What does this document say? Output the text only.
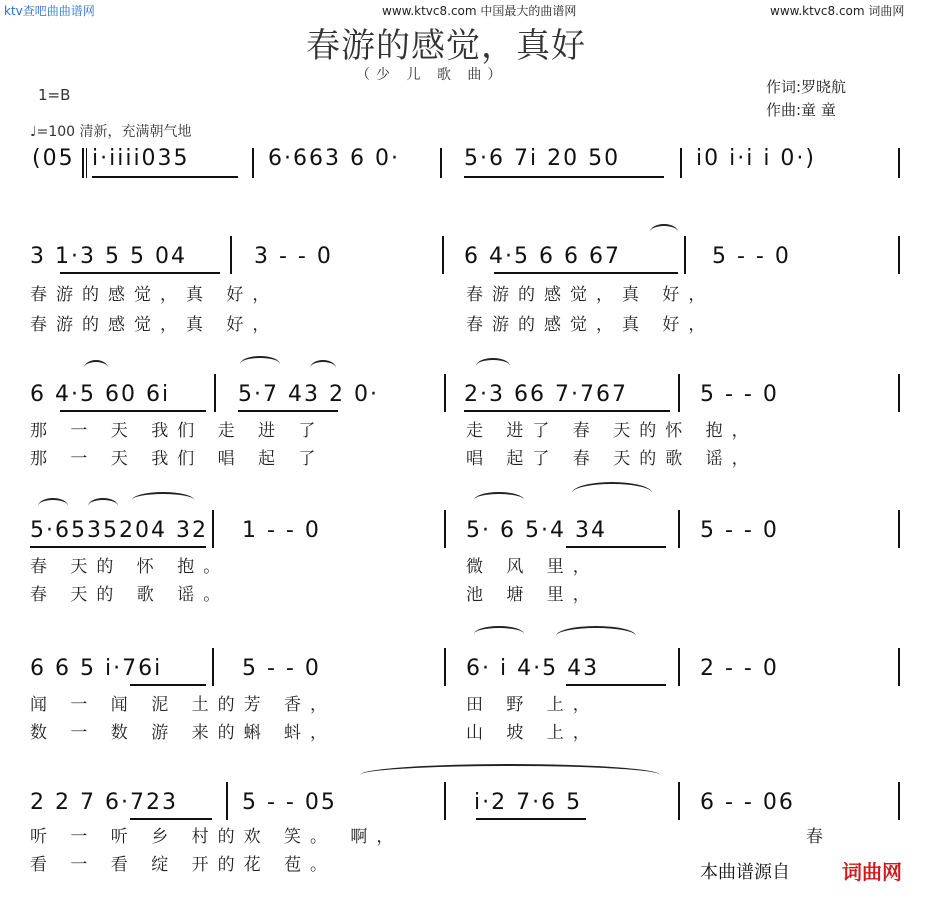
ktv查吧曲曲谱网	www.ktvc8.com 中国最大的曲谱网	www.ktvc8.com 词曲网
春游的感觉，真好
（少 儿 歌 曲）
作词:罗晓航
作曲:童 童
1=B
♩=100 清新，充满朝气地
(05 i·iiii035	6·663 6 0·	5·6 7i 20 50	i0 i·i i 0·)
3 1·3 5 5 04	3 - - 0	6 4·5 6 6 67	5 - - 0
春游的感觉，真 好，	春游的感觉，真 好，
春游的感觉，真 好，	春游的感觉，真 好，
6 4·5 60 6i	5·7 43 2 0·	2·3 66 7·767	5 - - 0
那 一 天 我们 走 进 了	走 进了 春 天的怀 抱，
那 一 天 我们 唱 起 了	唱 起了 春 天的歌 谣，
5·6535204 32 1 - - 0	5· 6 5·4 34	5 - - 0
春 天的 怀 抱。	微 风 里，
春 天的 歌 谣。	池 塘 里，
6 6 5 i·76i	5 - - 0	6· i 4·5 43	2 - - 0
闻 一 闻 泥 土的芳 香，	田 野 上，
数 一 数 游 来的蝌 蚪，	山 坡 上，
2 2 7 6·723	5 - - 05	i·2 7·6 5	6 - - 06
听 一 听 乡 村的欢 笑。 啊，	春
看 一 看 绽 开的花 苞。	本曲谱源自	词曲网
